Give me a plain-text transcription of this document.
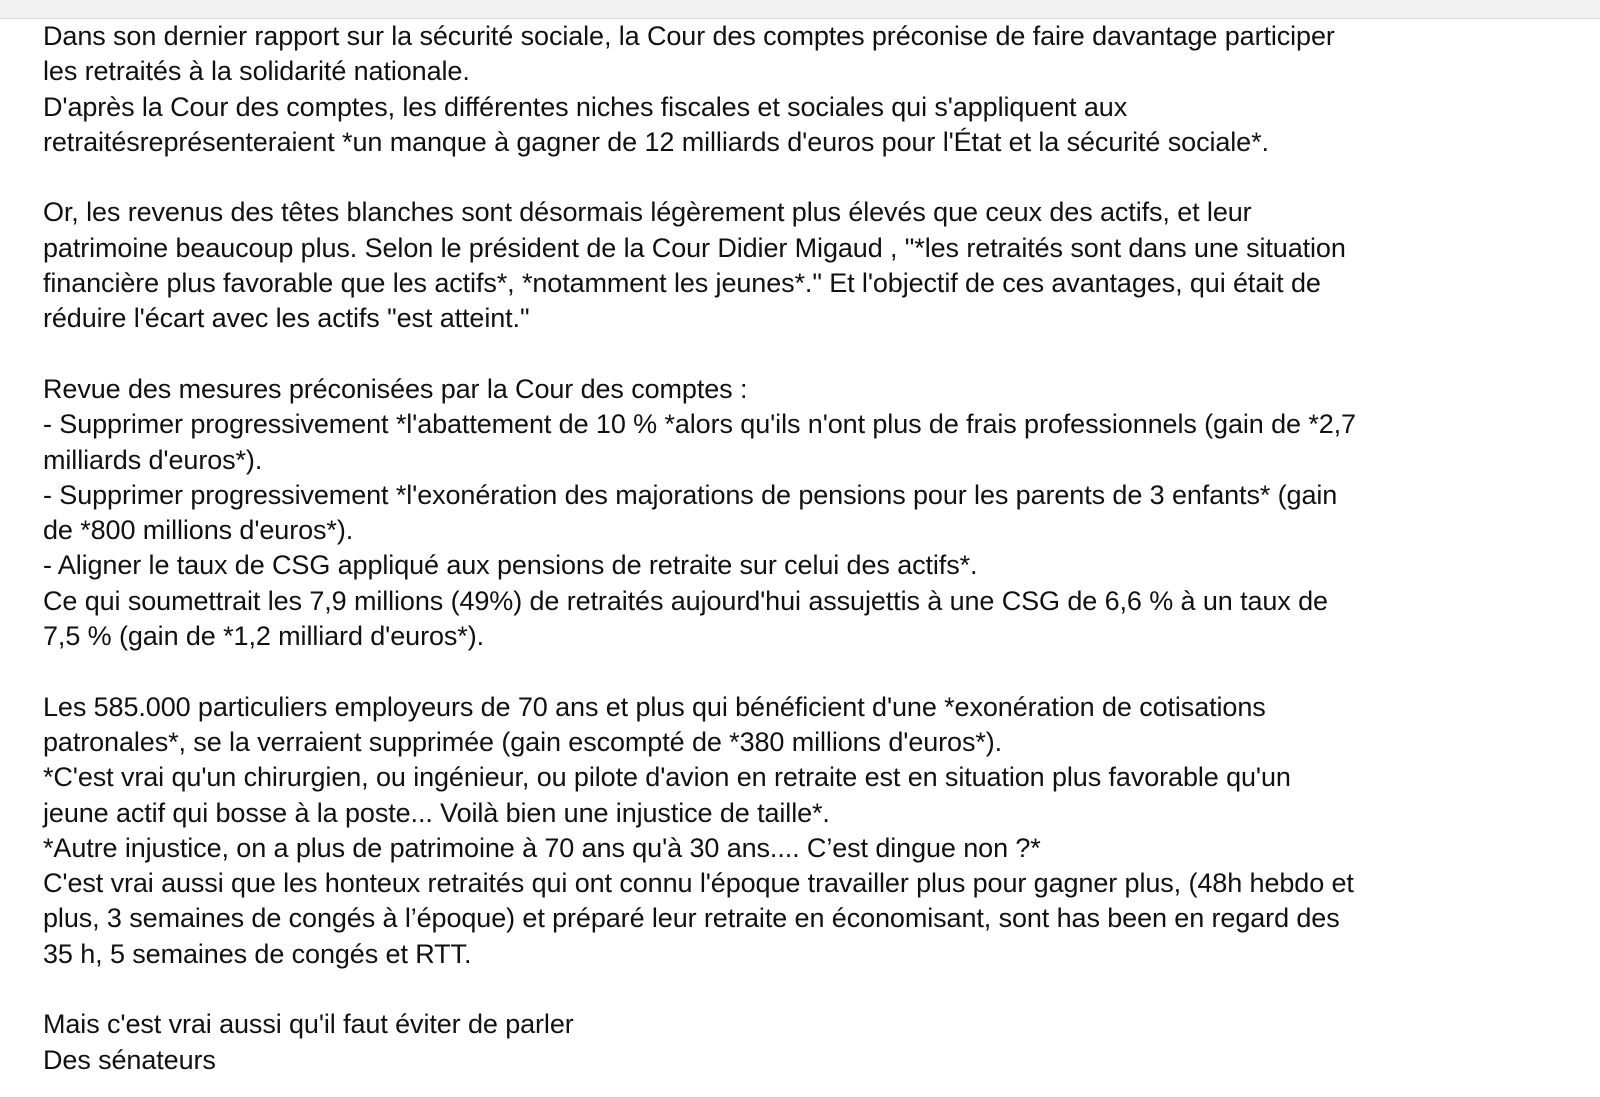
Dans son dernier rapport sur la sécurité sociale, la Cour des comptes préconise de faire davantage participer
les retraités à la solidarité nationale.
D'après la Cour des comptes, les différentes niches fiscales et sociales qui s'appliquent aux
retraitésreprésenteraient *un manque à gagner de 12 milliards d'euros pour l'État et la sécurité sociale*.
Or, les revenus des têtes blanches sont désormais légèrement plus élevés que ceux des actifs, et leur
patrimoine beaucoup plus. Selon le président de la Cour Didier Migaud , "*les retraités sont dans une situation
financière plus favorable que les actifs*, *notamment les jeunes*." Et l'objectif de ces avantages, qui était de
réduire l'écart avec les actifs "est atteint."
Revue des mesures préconisées par la Cour des comptes :
- Supprimer progressivement *l'abattement de 10 % *alors qu'ils n'ont plus de frais professionnels (gain de *2,7
milliards d'euros*).
- Supprimer progressivement *l'exonération des majorations de pensions pour les parents de 3 enfants* (gain
de *800 millions d'euros*).
- Aligner le taux de CSG appliqué aux pensions de retraite sur celui des actifs*.
Ce qui soumettrait les 7,9 millions (49%) de retraités aujourd'hui assujettis à une CSG de 6,6 % à un taux de
7,5 % (gain de *1,2 milliard d'euros*).
Les 585.000 particuliers employeurs de 70 ans et plus qui bénéficient d'une *exonération de cotisations
patronales*, se la verraient supprimée (gain escompté de *380 millions d'euros*).
*C'est vrai qu'un chirurgien, ou ingénieur, ou pilote d'avion en retraite est en situation plus favorable qu'un
jeune actif qui bosse à la poste... Voilà bien une injustice de taille*.
*Autre injustice, on a plus de patrimoine à 70 ans qu'à 30 ans.... C’est dingue non ?*
C'est vrai aussi que les honteux retraités qui ont connu l'époque travailler plus pour gagner plus, (48h hebdo et
plus, 3 semaines de congés à l’époque) et préparé leur retraite en économisant, sont has been en regard des
35 h, 5 semaines de congés et RTT.
Mais c'est vrai aussi qu'il faut éviter de parler
Des sénateurs
